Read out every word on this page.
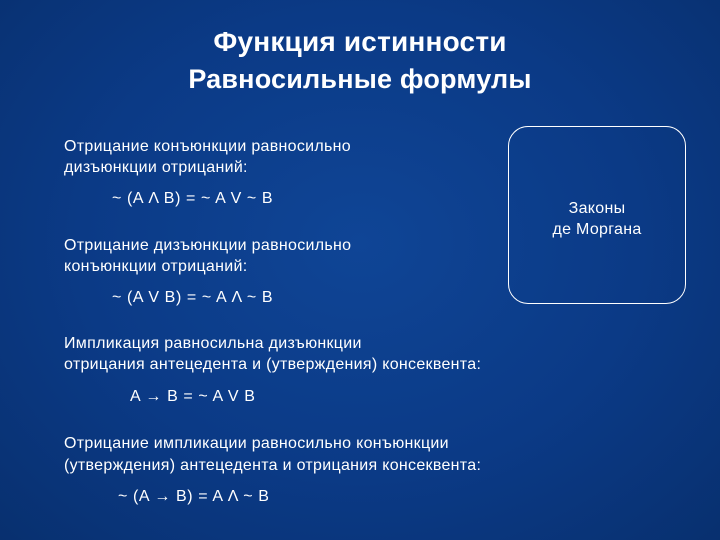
Функция истинности
Равносильные формулы
Отрицание конъюнкции равносильно
дизъюнкции отрицаний:
~ (A Λ B) = ~ A V ~ B
Отрицание дизъюнкции равносильно
конъюнкции отрицаний:
~ (A V B) = ~ A Λ ~ B
Законы
де Моргана
Импликация равносильна дизъюнкции
отрицания антецедента и (утверждения) консеквента:
A → B = ~ A V B
Отрицание импликации равносильно конъюнкции
(утверждения) антецедента и отрицания консеквента:
~ (A → B) = A Λ ~ B
